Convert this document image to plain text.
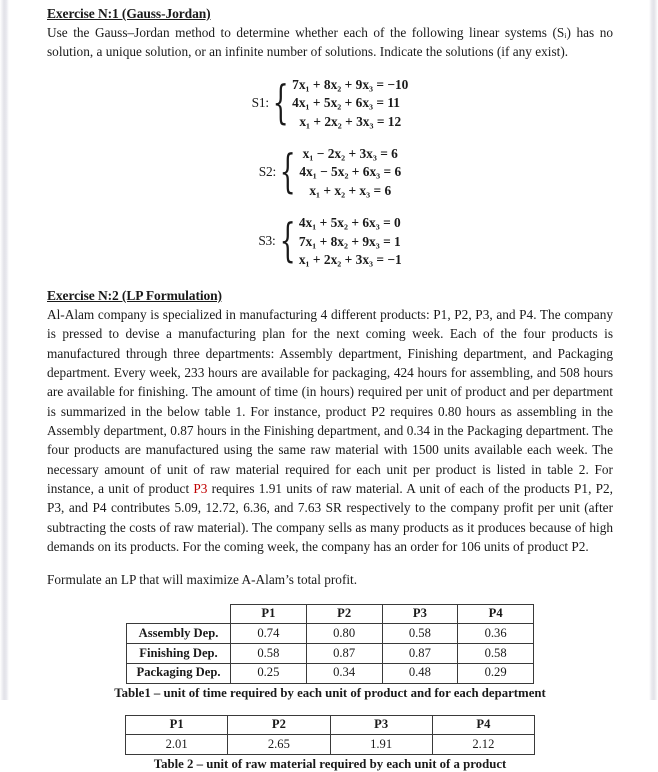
Exercise N:1 (Gauss-Jordan)

Use the Gauss–Jordan method to determine whether each of the following linear systems (Sᵢ) has no solution, a unique solution, or an infinite number of solutions. Indicate the solutions (if any exist).

S1: { 7x₁ + 8x₂ + 9x₃ = −10
4x₁ + 5x₂ + 6x₃ = 11
x₁ + 2x₂ + 3x₃ = 12
S2: { x₁ − 2x₂ + 3x₃ = 6
4x₁ − 5x₂ + 6x₃ = 6
x₁ + x₂ + x₃ = 6
S3: { 4x₁ + 5x₂ + 6x₃ = 0
7x₁ + 8x₂ + 9x₃ = 1
x₁ + 2x₂ + 3x₃ = −1
Exercise N:2 (LP Formulation)

Al-Alam company is specialized in manufacturing 4 different products: P1, P2, P3, and P4. The company is pressed to devise a manufacturing plan for the next coming week. Each of the four products is manufactured through three departments: Assembly department, Finishing department, and Packaging department. Every week, 233 hours are available for packaging, 424 hours for assembling, and 508 hours are available for finishing. The amount of time (in hours) required per unit of product and per department is summarized in the below table 1. For instance, product P2 requires 0.80 hours as assembling in the Assembly department, 0.87 hours in the Finishing department, and 0.34 in the Packaging department. The four products are manufactured using the same raw material with 1500 units available each week. The necessary amount of unit of raw material required for each unit per product is listed in table 2. For instance, a unit of product P3 requires 1.91 units of raw material. A unit of each of the products P1, P2, P3, and P4 contributes 5.09, 12.72, 6.36, and 7.63 SR respectively to the company profit per unit (after subtracting the costs of raw material). The company sells as many products as it produces because of high demands on its products. For the coming week, the company has an order for 106 units of product P2.

Formulate an LP that will maximize A-Alam’s total profit.

	P1	P2	P3	P4
Assembly Dep.	0.74	0.80	0.58	0.36
Finishing Dep.	0.58	0.87	0.87	0.58
Packaging Dep.	0.25	0.34	0.48	0.29
Table1 – unit of time required by each unit of product and for each department
P1	P2	P3	P4
2.01	2.65	1.91	2.12
Table 2 – unit of raw material required by each unit of a product
